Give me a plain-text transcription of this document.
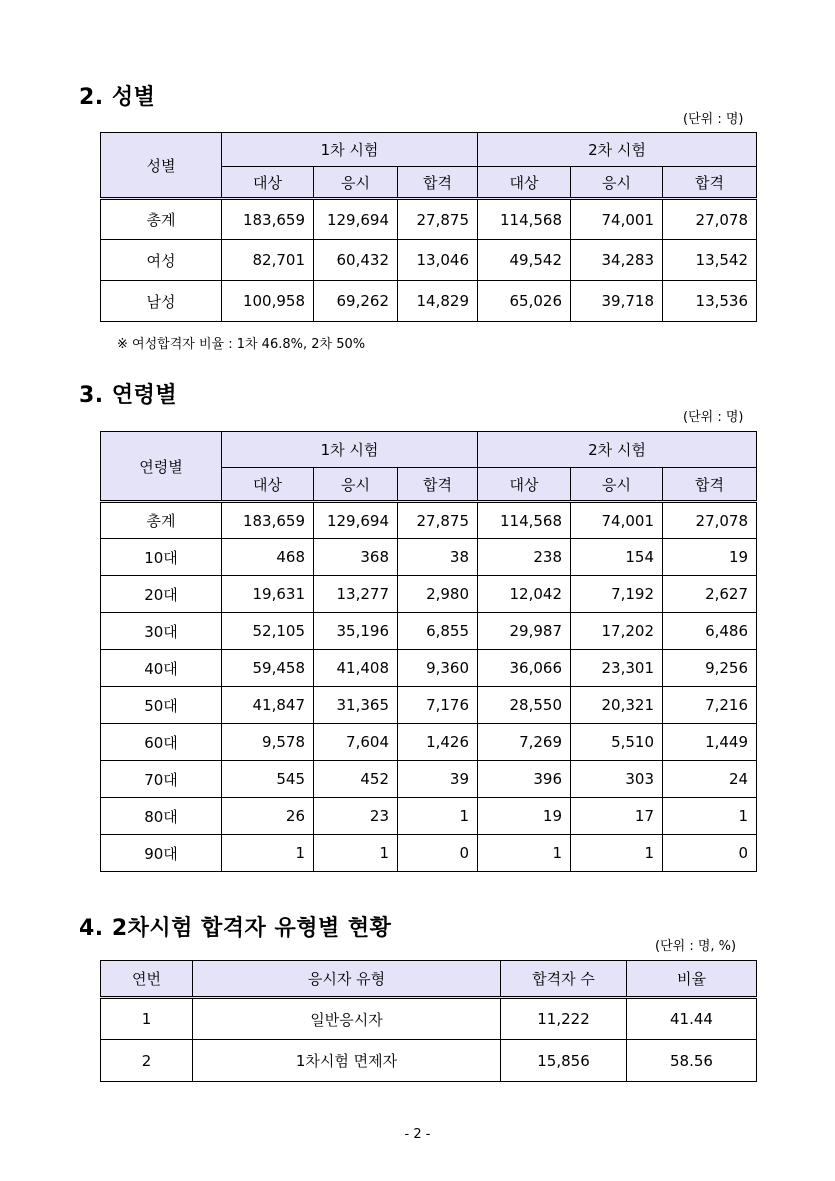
2. 성별
(단위 : 명)
성별	1차 시험			2차 시험		
	대상	응시	합격	대상	응시	합격
총계	183,659	129,694	27,875	114,568	74,001	27,078
여성	82,701	60,432	13,046	49,542	34,283	13,542
남성	100,958	69,262	14,829	65,026	39,718	13,536
※ 여성합격자 비율 : 1차 46.8%, 2차 50%
3. 연령별
(단위 : 명)
연령별	1차 시험			2차 시험		
	대상	응시	합격	대상	응시	합격
총계	183,659	129,694	27,875	114,568	74,001	27,078
10대	468	368	38	238	154	19
20대	19,631	13,277	2,980	12,042	7,192	2,627
30대	52,105	35,196	6,855	29,987	17,202	6,486
40대	59,458	41,408	9,360	36,066	23,301	9,256
50대	41,847	31,365	7,176	28,550	20,321	7,216
60대	9,578	7,604	1,426	7,269	5,510	1,449
70대	545	452	39	396	303	24
80대	26	23	1	19	17	1
90대	1	1	0	1	1	0
4. 2차시험 합격자 유형별 현황
(단위 : 명, %)
연번	응시자 유형	합격자 수	비율
1	일반응시자	11,222	41.44
2	1차시험 면제자	15,856	58.56
- 2 -
